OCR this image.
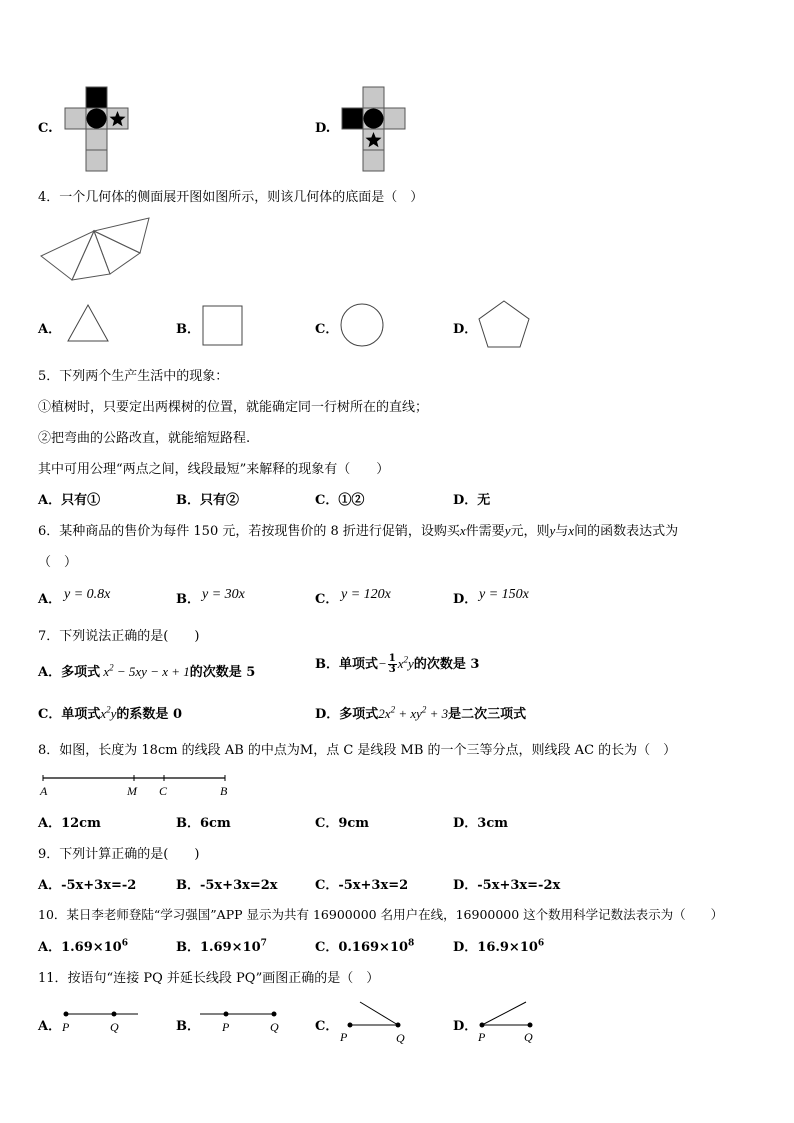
C.	D.
4．一个几何体的侧面展开图如图所示，则该几何体的底面是（　）
A．	B．	C．	D．
5．下列两个生产生活中的现象：
①植树时，只要定出两棵树的位置，就能确定同一行树所在的直线；
②把弯曲的公路改直，就能缩短路程.
其中可用公理“两点之间，线段最短”来解释的现象有（　　）
A．只有①	B．只有②	C．①②	D．无
6．某种商品的售价为每件 150 元，若按现售价的 8 折进行促销，设购买x件需要y元，则y与x间的函数表达式为
（　）
A． y = 0.8x	B． y = 30x	C． y = 120x	D． y = 150x
7．下列说法正确的是(　　)
A．多项式 $x^2 - 5xy - x + 1$的次数是 5
B．单项式− $\frac{1}{3} x^2y$的次数是 3
C．单项式$x^2y$的系数是 0	D．多项式$2x^2 + xy^2 + 3$是二次三项式
8．如图，长度为 18cm 的线段 AB 的中点为M，点 C 是线段 MB 的一个三等分点，则线段 AC 的长为（　）
A	M C	B
A．12cm	B．6cm	C．9cm	D．3cm
9．下列计算正确的是(　　)
A．-5x+3x=-2	B．-5x+3x=2x	C．-5x+3x=2	D．-5x+3x=-2x
10．某日李老师登陆“学习强国”APP 显示为共有 16900000 名用户在线，16900000 这个数用科学记数法表示为（　　）
A．$1.69\times 10^6$	B．$1.69\times 10^7$	C．$0.169\times 10^8$	D．$16.9\times 10^6$
11．按语句“连接 PQ 并延长线段 PQ”画图正确的是（　）
A． P	Q	B． P	Q	C．
P	Q
D．
P	Q
